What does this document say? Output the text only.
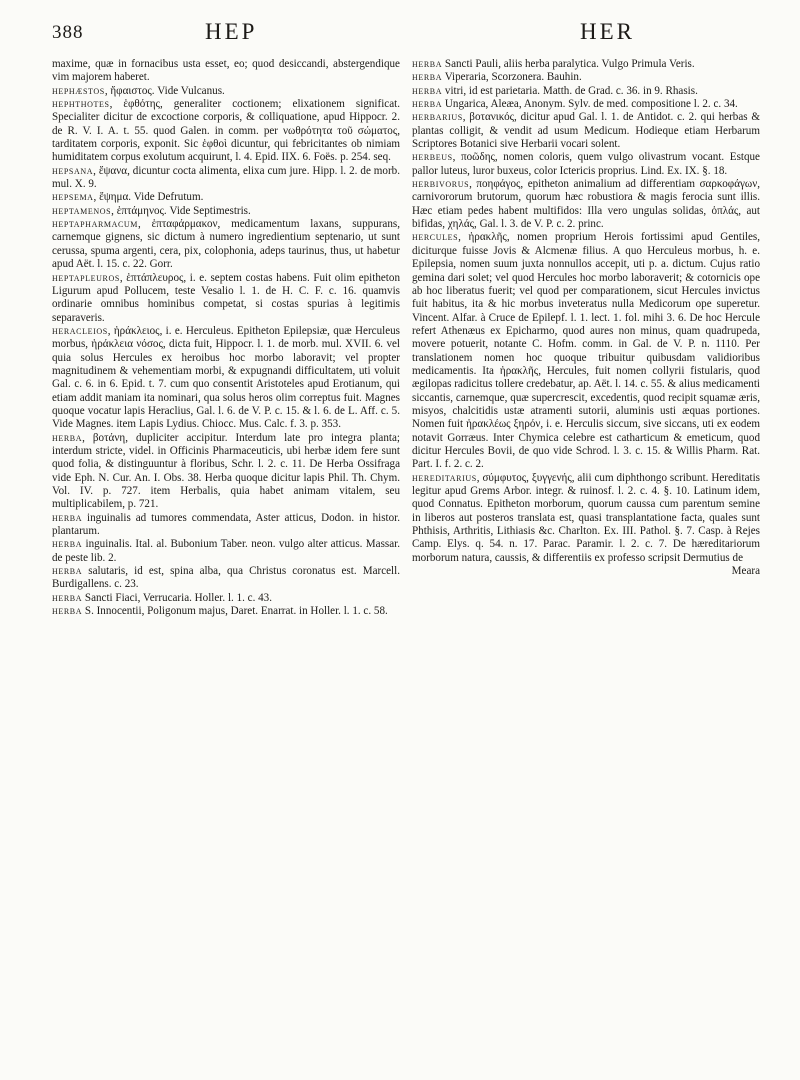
388	HEP	HER

maxime, quæ in fornacibus usta esset, eo; quod desiccandi, abstergendique vim majorem haberet.

hephæstos, ἥφαιστος. Vide Vulcanus.

hephthotes, ἑφθότης, generaliter coctionem; elixationem significat. Specialiter dicitur de excoctione corporis, & colliquatione, apud Hippocr. 2. de R. V. I. A. t. 55. quod Galen. in comm. per νωθρότητα τοῦ σώματος, tarditatem corporis, exponit. Sic ἑφθοὶ dicuntur, qui febricitantes ob nimiam humiditatem corpus exolutum acquirunt, l. 4. Epid. IIX. 6. Foës. p. 254. seq.

hepsana, ἕψανα, dicuntur cocta alimenta, elixa cum jure. Hipp. l. 2. de morb. mul. X. 9.

hepsema, ἕψημα. Vide Defrutum.

heptamenos, ἑπτάμηνος. Vide Septimestris.

heptapharmacum, ἑπταφάρμακον, medicamentum laxans, suppurans, carnemque gignens, sic dictum à numero ingredientium septenario, ut sunt cerussa, spuma argenti, cera, pix, colophonia, adeps taurinus, thus, ut habetur apud Aët. l. 15. c. 22. Gorr.

heptapleuros, ἑπτάπλευρος, i. e. septem costas habens. Fuit olim epitheton Ligurum apud Pollucem, teste Vesalio l. 1. de H. C. F. c. 16. quamvis ordinarie omnibus hominibus competat, si costas spurias à legitimis separaveris.

heracleios, ἡράκλειος, i. e. Herculeus. Epitheton Epilepsiæ, quæ Herculeus morbus, ἡράκλεια νόσος, dicta fuit, Hippocr. l. 1. de morb. mul. XVII. 6. vel quia solus Hercules ex heroibus hoc morbo laboravit; vel propter magnitudinem & vehementiam morbi, & expugnandi difficultatem, uti voluit Gal. c. 6. in 6. Epid. t. 7. cum quo consentit Aristoteles apud Erotianum, qui etiam addit maniam ita nominari, qua solus heros olim correptus fuit. Magnes quoque vocatur lapis Heraclius, Gal. l. 6. de V. P. c. 15. & l. 6. de L. Aff. c. 5. Vide Magnes. item Lapis Lydius. Chiocc. Mus. Calc. f. 3. p. 353.

herba, βοτάνη, dupliciter accipitur. Interdum late pro integra planta; interdum stricte, videl. in Officinis Pharmaceuticis, ubi herbæ idem fere sunt quod folia, & distinguuntur à floribus, Schr. l. 2. c. 11. De Herba Ossifraga vide Eph. N. Cur. An. I. Obs. 38. Herba quoque dicitur lapis Phil. Th. Chym. Vol. IV. p. 727. item Herbalis, quia habet animam vitalem, seu multiplicabilem, p. 721.

herba inguinalis ad tumores commendata, Aster atticus, Dodon. in histor. plantarum.

herba inguinalis. Ital. al. Bubonium Taber. neon. vulgo alter atticus. Massar. de peste lib. 2.

herba salutaris, id est, spina alba, qua Christus coronatus est. Marcell. Burdigallens. c. 23.

herba Sancti Fiaci, Verrucaria. Holler. l. 1. c. 43.

herba S. Innocentii, Poligonum majus, Daret. Enarrat. in Holler. l. 1. c. 58.

herba Sancti Pauli, aliis herba paralytica. Vulgo Primula Veris.

herba Viperaria, Scorzonera. Bauhin.

herba vitri, id est parietaria. Matth. de Grad. c. 36. in 9. Rhasis.

herba Ungarica, Aleæa, Anonym. Sylv. de med. compositione l. 2. c. 34.

herbarius, βοτανικός, dicitur apud Gal. l. 1. de Antidot. c. 2. qui herbas & plantas colligit, & vendit ad usum Medicum. Hodieque etiam Herbarum Scriptores Botanici sive Herbarii vocari solent.

herbeus, ποῶδης, nomen coloris, quem vulgo olivastrum vocant. Estque pallor luteus, luror buxeus, color Ictericis proprius. Lind. Ex. IX. §. 18.

herbivorus, ποηφάγος, epitheton animalium ad differentiam σαρκοφάγων, carnivororum brutorum, quorum hæc robustiora & magis ferocia sunt illis. Hæc etiam pedes habent multifidos: Illa vero ungulas solidas, ὀπλάς, aut bifidas, χηλάς, Gal. l. 3. de V. P. c. 2. princ.

hercules, ἡρακλῆς, nomen proprium Herois fortissimi apud Gentiles, diciturque fuisse Jovis & Alcmenæ filius. A quo Herculeus morbus, h. e. Epilepsia, nomen suum juxta nonnullos accepit, uti p. a. dictum. Cujus ratio gemina dari solet; vel quod Hercules hoc morbo laboraverit; & cotornicis ope ab hoc liberatus fuerit; vel quod per comparationem, sicut Hercules invictus fuit habitus, ita & hic morbus inveteratus nulla Medicorum ope superetur. Vincent. Alfar. à Cruce de Epilepf. l. 1. lect. 1. fol. mihi 3. 6. De hoc Hercule refert Athenæus ex Epicharmo, quod aures non minus, quam quadrupeda, movere potuerit, notante C. Hofm. comm. in Gal. de V. P. n. 1110. Per translationem nomen hoc quoque tribuitur quibusdam validioribus medicamentis. Ita ἡρακλῆς, Hercules, fuit nomen collyrii fistularis, quod ægilopas radicitus tollere credebatur, ap. Aët. l. 14. c. 55. & alius medicamenti siccantis, carnemque, quæ supercrescit, excedentis, quod recipit squamæ æris, misyos, chalcitidis ustæ atramenti sutorii, aluminis usti æquas portiones. Nomen fuit ἡρακλέως ξηρόν, i. e. Herculis siccum, sive siccans, uti ex eodem notavit Gorræus. Inter Chymica celebre est catharticum & emeticum, quod dicitur Hercules Bovii, de quo vide Schrod. l. 3. c. 15. & Willis Pharm. Rat. Part. I. f. 2. c. 2.

hereditarius, σύμφυτος, ξυγγενής, alii cum diphthongo scribunt. Hereditatis legitur apud Grems Arbor. integr. & ruinosf. l. 2. c. 4. §. 10. Latinum idem, quod Connatus. Epitheton morborum, quorum caussa cum parentum semine in liberos aut posteros translata est, quasi transplantatione facta, quales sunt Phthisis, Arthritis, Lithiasis &c. Charlton. Ex. III. Pathol. §. 7. Casp. à Rejes Camp. Elys. q. 54. n. 17. Parac. Paramir. l. 2. c. 7. De hæreditariorum morborum natura, caussis, & differentiis ex professo scripsit Dermutius de

Meara
